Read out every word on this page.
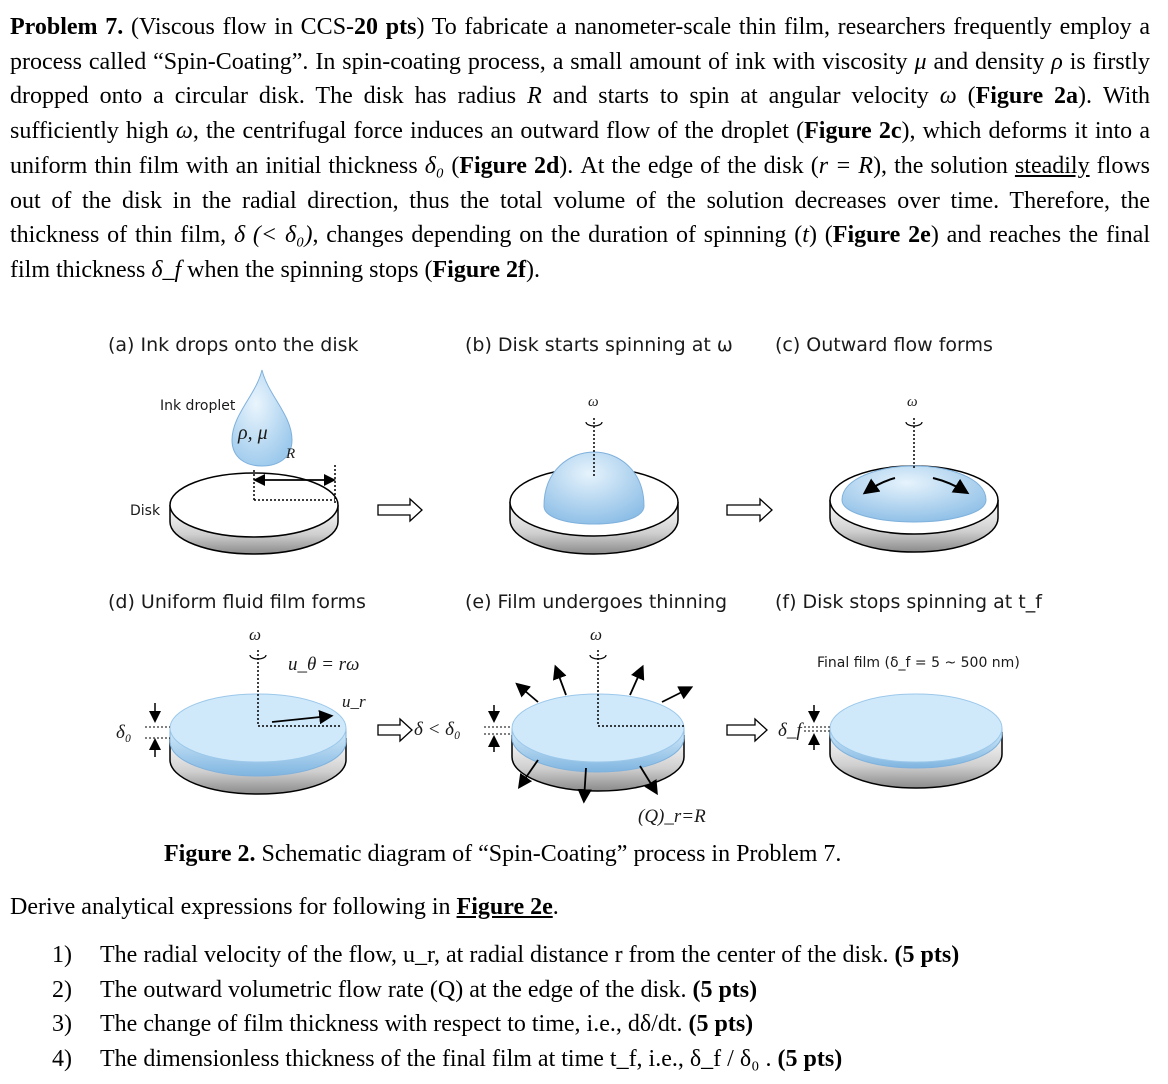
Problem 7. (Viscous flow in CCS-20 pts) To fabricate a nanometer-scale thin film, researchers frequently employ a process called “Spin-Coating”. In spin-coating process, a small amount of ink with viscosity μ and density ρ is firstly dropped onto a circular disk. The disk has radius R and starts to spin at angular velocity ω (Figure 2a). With sufficiently high ω, the centrifugal force induces an outward flow of the droplet (Figure 2c), which deforms it into a uniform thin film with an initial thickness δ₀ (Figure 2d). At the edge of the disk (r = R), the solution steadily flows out of the disk in the radial direction, thus the total volume of the solution decreases over time. Therefore, the thickness of thin film, δ (< δ₀), changes depending on the duration of spinning (t) (Figure 2e) and reaches the final film thickness δ_f when the spinning stops (Figure 2f).
(a) Ink drops onto the disk	(b) Disk starts spinning at ω (c) Outward flow forms
(d) Uniform fluid film forms	(e) Film undergoes thinning	(f) Disk stops spinning at t_f
Ink droplet
ρ, μ
R
Disk
ω	ω
ω	ω
u_θ = rω
u_r
δ₀	δ < δ₀	δ_f
Final film (δ_f = 5 ~ 500 nm)
(Q)_r=R
Figure 2. Schematic diagram of “Spin-Coating” process in Problem 7.
Derive analytical expressions for following in Figure 2e.
1) The radial velocity of the flow, u_r, at radial distance r from the center of the disk. (5 pts)
2) The outward volumetric flow rate (Q) at the edge of the disk. (5 pts)
3) The change of film thickness with respect to time, i.e., dδ/dt. (5 pts)
4) The dimensionless thickness of the final film at time t_f, i.e., δ_f / δ₀ . (5 pts)
